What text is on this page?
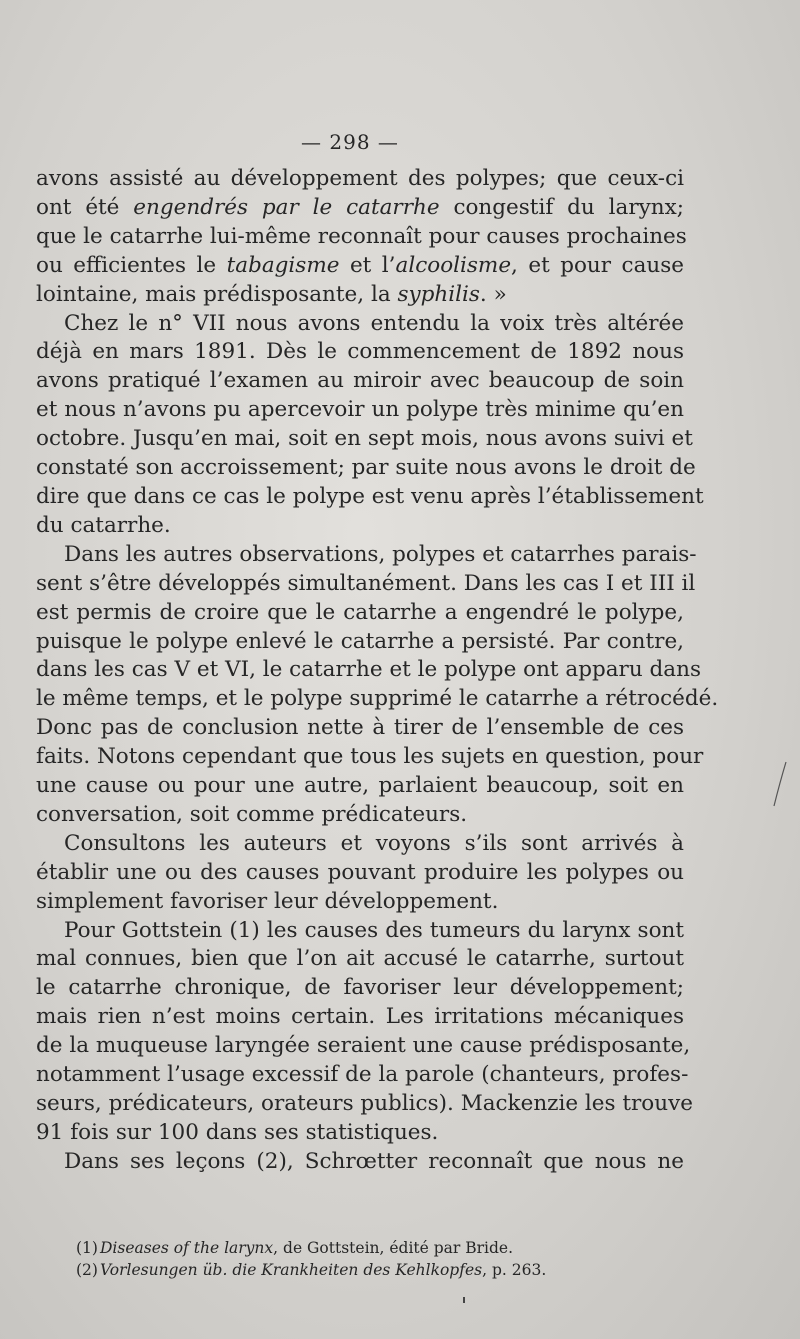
— 298 —

avons assisté au développement des polypes; que ceux-ci
ont été engendrés par le catarrhe congestif du larynx;
que le catarrhe lui-même reconnaît pour causes prochaines
ou efficientes le tabagisme et l’alcoolisme, et pour cause
lointaine, mais prédisposante, la syphilis. »

Chez le n° VII nous avons entendu la voix très altérée
déjà en mars 1891. Dès le commencement de 1892 nous
avons pratiqué l’examen au miroir avec beaucoup de soin
et nous n’avons pu apercevoir un polype très minime qu’en
octobre. Jusqu’en mai, soit en sept mois, nous avons suivi et
constaté son accroissement; par suite nous avons le droit de
dire que dans ce cas le polype est venu après l’établissement
du catarrhe.

Dans les autres observations, polypes et catarrhes parais-
sent s’être développés simultanément. Dans les cas I et III il
est permis de croire que le catarrhe a engendré le polype,
puisque le polype enlevé le catarrhe a persisté. Par contre,
dans les cas V et VI, le catarrhe et le polype ont apparu dans
le même temps, et le polype supprimé le catarrhe a rétrocédé.
Donc pas de conclusion nette à tirer de l’ensemble de ces
faits. Notons cependant que tous les sujets en question, pour
une cause ou pour une autre, parlaient beaucoup, soit en
conversation, soit comme prédicateurs.

Consultons les auteurs et voyons s’ils sont arrivés à
établir une ou des causes pouvant produire les polypes ou
simplement favoriser leur développement.

Pour Gottstein (1) les causes des tumeurs du larynx sont
mal connues, bien que l’on ait accusé le catarrhe, surtout
le catarrhe chronique, de favoriser leur développement;
mais rien n’est moins certain. Les irritations mécaniques
de la muqueuse laryngée seraient une cause prédisposante,
notamment l’usage excessif de la parole (chanteurs, profes-
seurs, prédicateurs, orateurs publics). Mackenzie les trouve
91 fois sur 100 dans ses statistiques.

Dans ses leçons (2), Schrœtter reconnaît que nous ne

(1) Diseases of the larynx, de Gottstein, édité par Bride.
(2) Vorlesungen üb. die Krankheiten des Kehlkopfes, p. 263.
